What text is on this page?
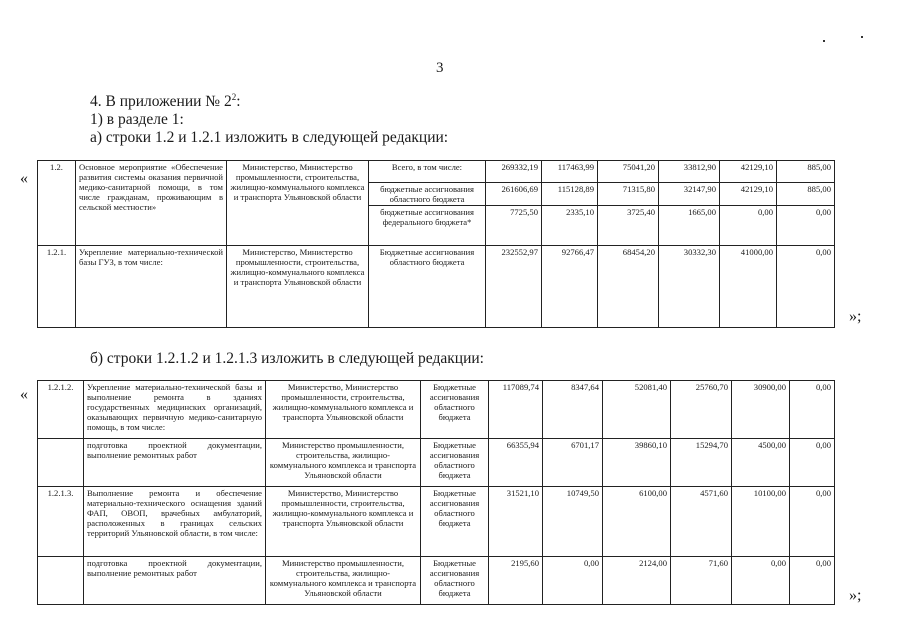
3
4. В приложении № $2^2$:
1) в разделе 1:
а) строки 1.2 и 1.2.1 изложить в следующей редакции:
«
1.2.	Основное мероприятие «Обеспечение развития системы оказания первичной медико-санитарной помощи, в том числе гражданам, проживающим в сельской местности»	Министерство, Министерство промышленности, строительства, жилищно-коммунального комплекса и транспорта Ульяновской области	Всего, в том числе:	269332,19	117463,99	75041,20	33812,90	42129,10	885,00
			бюджетные ассигнования областного бюджета	261606,69	115128,89	71315,80	32147,90	42129,10	885,00
			бюджетные ассигнования федерального бюджета*	7725,50	2335,10	3725,40	1665,00	0,00	0,00
1.2.1.	Укрепление материально-технической базы ГУЗ, в том числе:	Министерство, Министерство промышленности, строительства, жилищно-коммунального комплекса и транспорта Ульяновской области	Бюджетные ассигнования областного бюджета	232552,97	92766,47	68454,20	30332,30	41000,00	0,00
»;
б) строки 1.2.1.2 и 1.2.1.3 изложить в следующей редакции:
« 1.2.1.2.	Укрепление материально-технической базы и выполнение ремонта в зданиях государственных медицинских организаций, оказывающих первичную медико-санитарную помощь, в том числе:	Министерство, Министерство промышленности, строительства, жилищно-коммунального комплекса и транспорта Ульяновской области	Бюджетные ассигнования областного бюджета	117089,74	8347,64	52081,40	25760,70	30900,00	0,00
	подготовка проектной документации, выполнение ремонтных работ	Министерство промышленности, строительства, жилищно-коммунального комплекса и транспорта Ульяновской области	Бюджетные ассигнования областного бюджета	66355,94	6701,17	39860,10	15294,70	4500,00	0,00
1.2.1.3.	Выполнение ремонта и обеспечение материально-технического оснащения зданий ФАП, ОВОП, врачебных амбулаторий, расположенных в границах сельских территорий Ульяновской области, в том числе:	Министерство, Министерство промышленности, строительства, жилищно-коммунального комплекса и транспорта Ульяновской области	Бюджетные ассигнования областного бюджета	31521,10	10749,50	6100,00	4571,60	10100,00	0,00
	подготовка проектной документации, выполнение ремонтных работ	Министерство промышленности, строительства, жилищно-коммунального комплекса и транспорта Ульяновской области	Бюджетные ассигнования областного бюджета	2195,60	0,00	2124,00	71,60	0,00	0,00
»;
